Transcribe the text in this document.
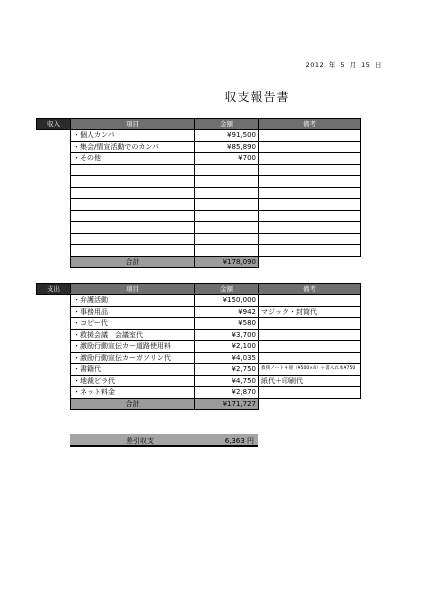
2012 年 5 月 15 日
収支報告書
収入	項目	金額	備考
	・個人カンパ	¥91,500	
	・集会/情宣活動でのカンパ	¥85,890	
	・その他	¥700	

	合計	¥178,090	
支出	項目	金額	備考
	・弁護活動	¥150,000	
	・事務用品	¥942	マジック・封筒代
	・コピー代	¥580	
	・救援会議　会議室代	¥3,700	
	・激励行動宣伝カー道路使用料	¥2,100	
	・激励行動宣伝カーガソリン代	¥4,035	
	・書籍代	¥2,750	救援ノート４冊（¥500×4）＋書入れ本¥750
	・地裁ビラ代	¥4,750	紙代＋印刷代
	・ネット料金	¥2,870	
	合計	¥171,727	
差引収支	6,363 円
